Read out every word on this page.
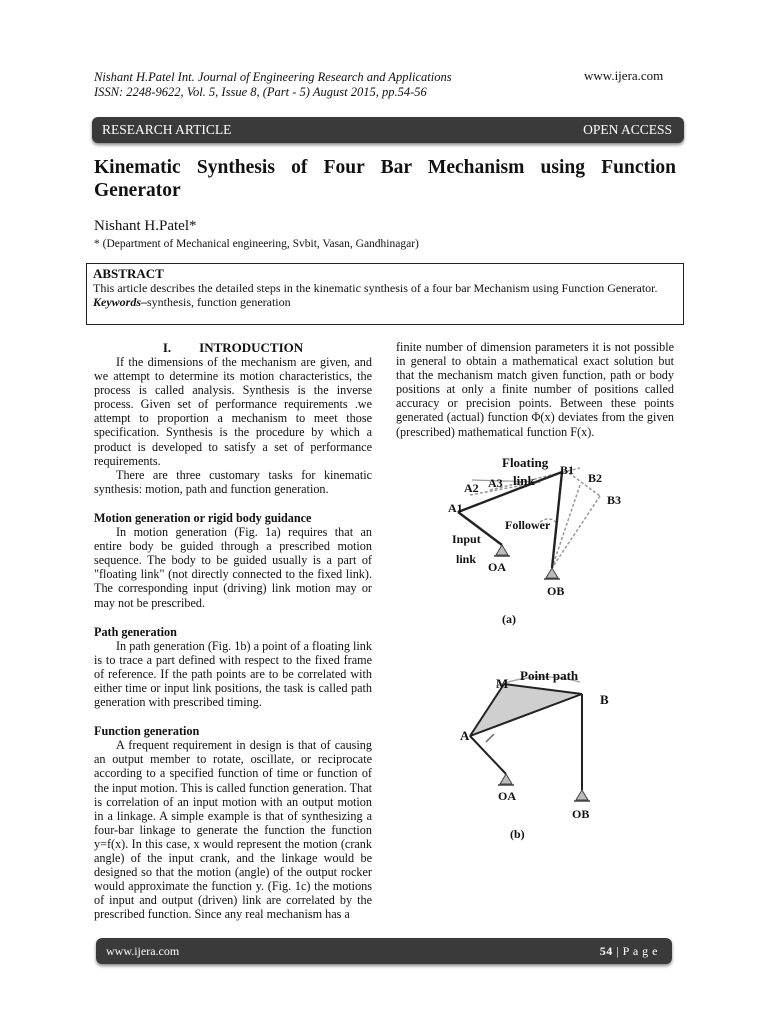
Nishant H.Patel Int. Journal of Engineering Research and Applications
ISSN: 2248-9622, Vol. 5, Issue 8, (Part - 5) August 2015, pp.54-56
www.ijera.com
RESEARCH ARTICLE	OPEN ACCESS
Kinematic Synthesis of Four Bar Mechanism using Function Generator
Nishant H.Patel*
* (Department of Mechanical engineering, Svbit, Vasan, Gandhinagar)
ABSTRACT
This article describes the detailed steps in the kinematic synthesis of a four bar Mechanism using Function Generator.
Keywords–synthesis, function generation
I. INTRODUCTION

If the dimensions of the mechanism are given, and we attempt to determine its motion characteristics, the process is called analysis. Synthesis is the inverse process. Given set of performance requirements .we attempt to proportion a mechanism to meet those specification. Synthesis is the procedure by which a product is developed to satisfy a set of performance requirements.

There are three customary tasks for kinematic synthesis: motion, path and function generation.

Motion generation or rigid body guidance

In motion generation (Fig. 1a) requires that an entire body be guided through a prescribed motion sequence. The body to be guided usually is a part of "floating link" (not directly connected to the fixed link). The corresponding input (driving) link motion may or may not be prescribed.

Path generation

In path generation (Fig. 1b) a point of a floating link is to trace a part defined with respect to the fixed frame of reference. If the path points are to be correlated with either time or input link positions, the task is called path generation with prescribed timing.

Function generation

A frequent requirement in design is that of causing an output member to rotate, oscillate, or reciprocate according to a specified function of time or function of the input motion. This is called function generation. That is correlation of an input motion with an output motion in a linkage. A simple example is that of synthesizing a four-bar linkage to generate the function the function y=f(x). In this case, x would represent the motion (crank angle) of the input crank, and the linkage would be designed so that the motion (angle) of the output rocker would approximate the function y. (Fig. 1c) the motions of input and output (driven) link are correlated by the prescribed function. Since any real mechanism has a

finite number of dimension parameters it is not possible in general to obtain a mathematical exact solution but that the mechanism match given function, path or body positions at only a finite number of positions called accuracy or precision points. Between these points generated (actual) function Φ(x) deviates from the given (prescribed) mathematical function F(x).
Floating
link
B1
B2
B3
A1
A2 A3
Follower
Input
link
OA
OB
(a)
M
Point path
B
A
OA
OB
(b)
www.ijera.com	54 | P a g e
